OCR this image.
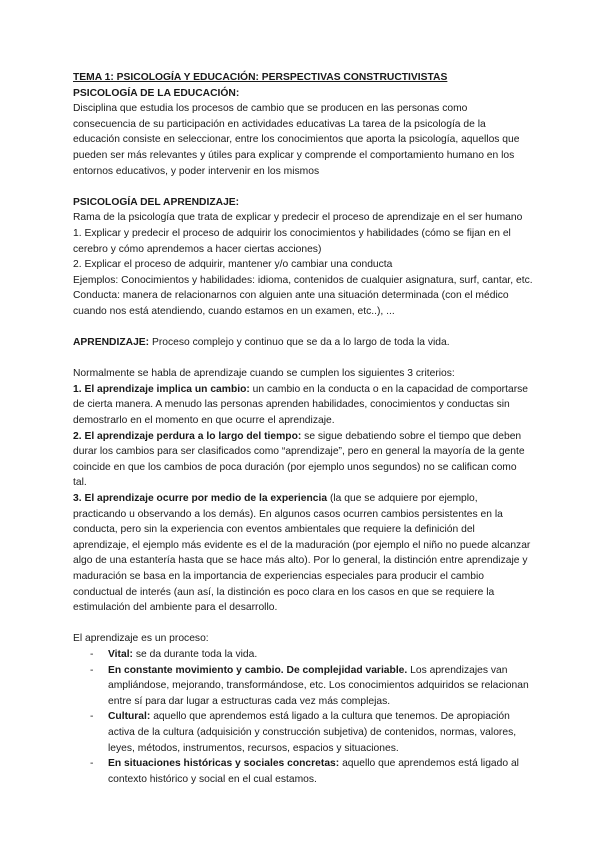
TEMA 1: PSICOLOGÍA Y EDUCACIÓN: PERSPECTIVAS CONSTRUCTIVISTAS

PSICOLOGÍA DE LA EDUCACIÓN:

Disciplina que estudia los procesos de cambio que se producen en las personas como consecuencia de su participación en actividades educativas La tarea de la psicología de la educación consiste en seleccionar, entre los conocimientos que aporta la psicología, aquellos que pueden ser más relevantes y útiles para explicar y comprende el comportamiento humano en los entornos educativos, y poder intervenir en los mismos

PSICOLOGÍA DEL APRENDIZAJE:

Rama de la psicología que trata de explicar y predecir el proceso de aprendizaje en el ser humano

1. Explicar y predecir el proceso de adquirir los conocimientos y habilidades (cómo se fijan en el cerebro y cómo aprendemos a hacer ciertas acciones)

2. Explicar el proceso de adquirir, mantener y/o cambiar una conducta

Ejemplos: Conocimientos y habilidades: idioma, contenidos de cualquier asignatura, surf, cantar, etc. Conducta: manera de relacionarnos con alguien ante una situación determinada (con el médico cuando nos está atendiendo, cuando estamos en un examen, etc..), ...

APRENDIZAJE: Proceso complejo y continuo que se da a lo largo de toda la vida.

Normalmente se habla de aprendizaje cuando se cumplen los siguientes 3 criterios:

1. El aprendizaje implica un cambio: un cambio en la conducta o en la capacidad de comportarse de cierta manera. A menudo las personas aprenden habilidades, conocimientos y conductas sin demostrarlo en el momento en que ocurre el aprendizaje.

2. El aprendizaje perdura a lo largo del tiempo: se sigue debatiendo sobre el tiempo que deben durar los cambios para ser clasificados como “aprendizaje”, pero en general la mayoría de la gente coincide en que los cambios de poca duración (por ejemplo unos segundos) no se califican como tal.

3. El aprendizaje ocurre por medio de la experiencia (la que se adquiere por ejemplo, practicando u observando a los demás). En algunos casos ocurren cambios persistentes en la conducta, pero sin la experiencia con eventos ambientales que requiere la definición del aprendizaje, el ejemplo más evidente es el de la maduración (por ejemplo el niño no puede alcanzar algo de una estantería hasta que se hace más alto). Por lo general, la distinción entre aprendizaje y maduración se basa en la importancia de experiencias especiales para producir el cambio conductual de interés (aun así, la distinción es poco clara en los casos en que se requiere la estimulación del ambiente para el desarrollo.

El aprendizaje es un proceso:

- Vital: se da durante toda la vida.
- En constante movimiento y cambio. De complejidad variable. Los aprendizajes van ampliándose, mejorando, transformándose, etc. Los conocimientos adquiridos se relacionan entre sí para dar lugar a estructuras cada vez más complejas.
- Cultural: aquello que aprendemos está ligado a la cultura que tenemos. De apropiación activa de la cultura (adquisición y construcción subjetiva) de contenidos, normas, valores, leyes, métodos, instrumentos, recursos, espacios y situaciones.
- En situaciones históricas y sociales concretas: aquello que aprendemos está ligado al contexto histórico y social en el cual estamos.
